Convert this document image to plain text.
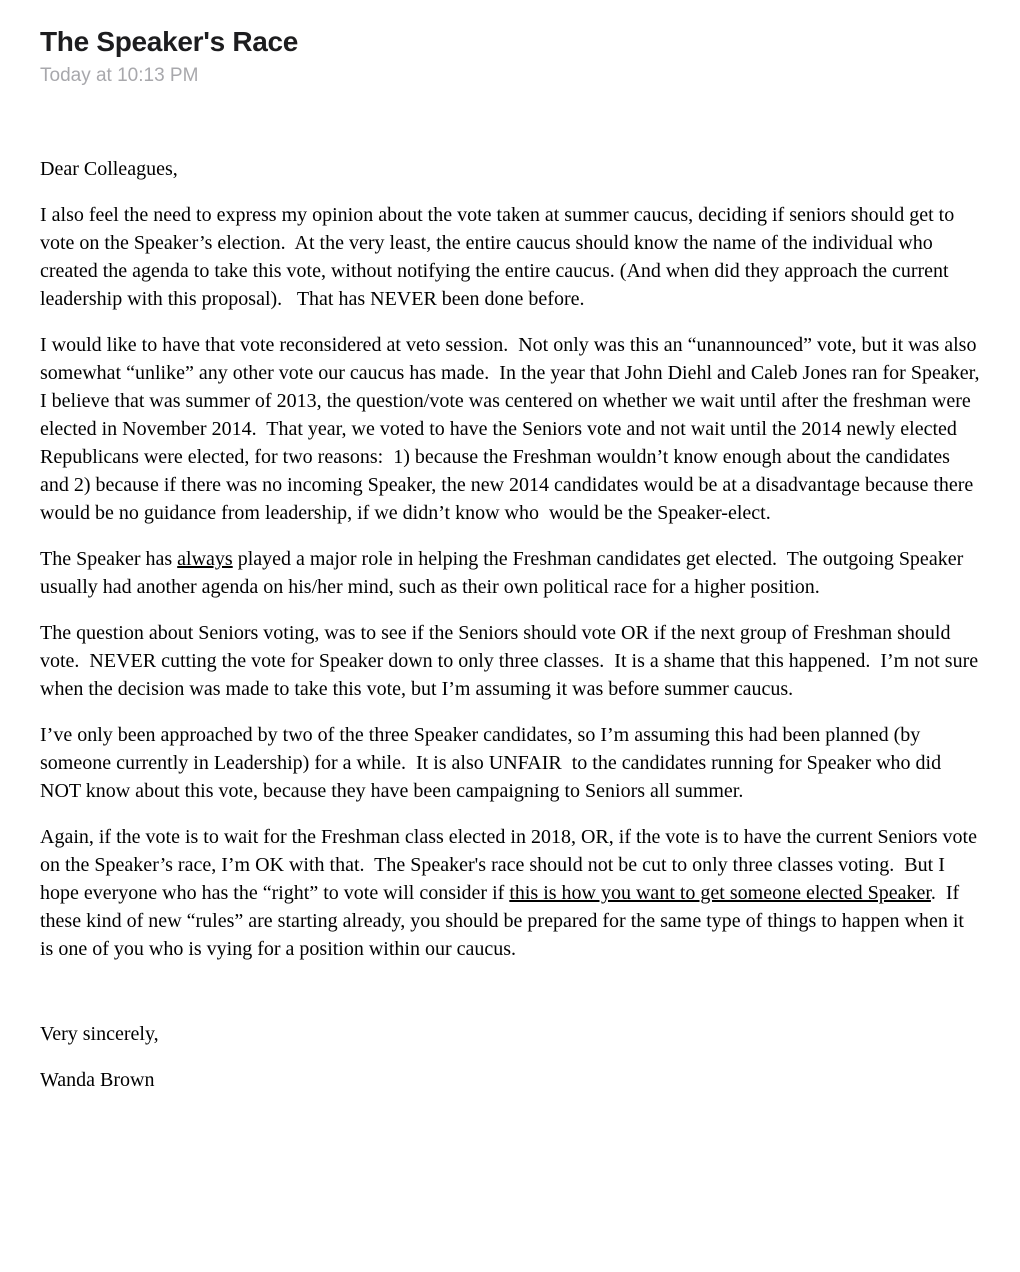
The Speaker's Race
Today at 10:13 PM

Dear Colleagues,

I also feel the need to express my opinion about the vote taken at summer caucus, deciding if seniors should get to vote on the Speaker’s election.  At the very least, the entire caucus should know the name of the individual who created the agenda to take this vote, without notifying the entire caucus. (And when did they approach the current leadership with this proposal).   That has NEVER been done before.

I would like to have that vote reconsidered at veto session.  Not only was this an “unannounced” vote, but it was also somewhat “unlike” any other vote our caucus has made.  In the year that John Diehl and Caleb Jones ran for Speaker, I believe that was summer of 2013, the question/vote was centered on whether we wait until after the freshman were elected in November 2014.  That year, we voted to have the Seniors vote and not wait until the 2014 newly elected Republicans were elected, for two reasons:  1) because the Freshman wouldn’t know enough about the candidates and 2) because if there was no incoming Speaker, the new 2014 candidates would be at a disadvantage because there would be no guidance from leadership, if we didn’t know who  would be the Speaker-elect.

The Speaker has always played a major role in helping the Freshman candidates get elected.  The outgoing Speaker usually had another agenda on his/her mind, such as their own political race for a higher position.

The question about Seniors voting, was to see if the Seniors should vote OR if the next group of Freshman should vote.  NEVER cutting the vote for Speaker down to only three classes.  It is a shame that this happened.  I’m not sure when the decision was made to take this vote, but I’m assuming it was before summer caucus.

I’ve only been approached by two of the three Speaker candidates, so I’m assuming this had been planned (by someone currently in Leadership) for a while.  It is also UNFAIR  to the candidates running for Speaker who did NOT know about this vote, because they have been campaigning to Seniors all summer.

Again, if the vote is to wait for the Freshman class elected in 2018, OR, if the vote is to have the current Seniors vote on the Speaker’s race, I’m OK with that.  The Speaker's race should not be cut to only three classes voting.  But I hope everyone who has the “right” to vote will consider if this is how you want to get someone elected Speaker.  If these kind of new “rules” are starting already, you should be prepared for the same type of things to happen when it is one of you who is vying for a position within our caucus.

Very sincerely,

Wanda Brown
